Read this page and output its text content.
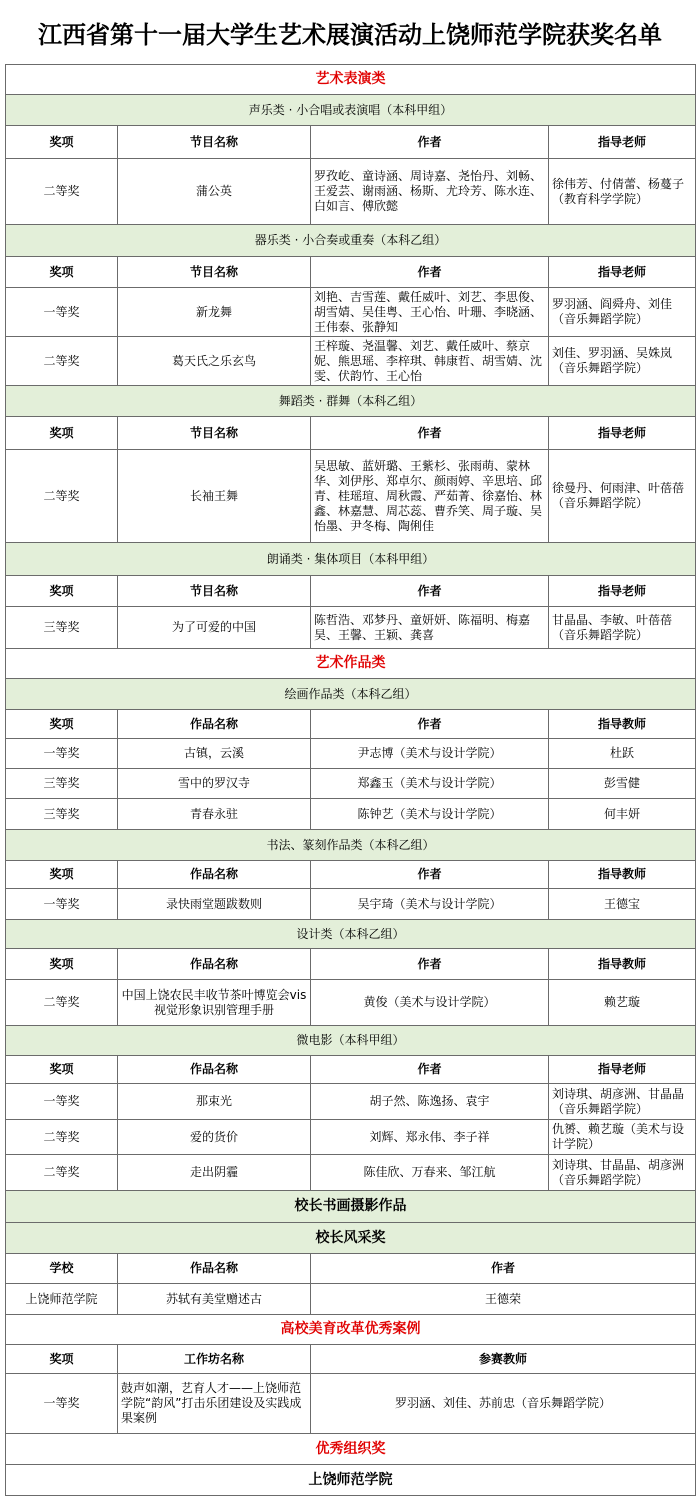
江西省第十一届大学生艺术展演活动上饶师范学院获奖名单
艺术表演类			
声乐类 · 小合唱或表演唱（本科甲组）			
奖项	节目名称	作者	指导老师
二等奖	蒲公英	罗孜屹、童诗涵、周诗嘉、尧怡丹、刘畅、王爱芸、谢雨涵、杨斯、尤玲芳、陈水连、白如言、傅欣懿	徐伟芳、付倩蕾、杨蔓子（教育科学学院）
器乐类 · 小合奏或重奏（本科乙组）			
奖项	节目名称	作者	指导老师
一等奖	新龙舞	刘艳、吉雪莲、戴任威叶、刘艺、李思俊、胡雪婧、吴佳粤、王心怡、叶珊、李晓涵、王伟泰、张静知	罗羽涵、阎舜舟、刘佳（音乐舞蹈学院）
二等奖	葛天氏之乐玄鸟	王梓璇、尧温馨、刘艺、戴任威叶、蔡京妮、熊思瑶、李梓琪、韩康哲、胡雪婧、沈雯、伏韵竹、王心怡	刘佳、罗羽涵、吴姝岚（音乐舞蹈学院）
舞蹈类 · 群舞（本科乙组）			
奖项	节目名称	作者	指导老师
二等奖	长袖王舞	吴思敏、蓝妍璐、王紫杉、张雨萌、蒙林华、刘伊彤、郑卓尔、颜雨婷、辛思培、邱青、桂瑶瑄、周秋霞、严茹菁、徐嘉怡、林鑫、林嘉慧、周芯蕊、曹乔笑、周子璇、吴怡墨、尹冬梅、陶俐佳	徐曼丹、何雨津、叶蓓蓓（音乐舞蹈学院）
朗诵类 · 集体项目（本科甲组）			
奖项	节目名称	作者	指导老师
三等奖	为了可爱的中国	陈哲浩、邓梦丹、童妍妍、陈福明、梅嘉昊、王馨、王颖、龚喜	甘晶晶、李敏、叶蓓蓓（音乐舞蹈学院）
艺术作品类			
绘画作品类（本科乙组）			
奖项	作品名称	作者	指导教师
一等奖	古镇，云溪	尹志博（美术与设计学院）	杜跃
三等奖	雪中的罗汉寺	郑鑫玉（美术与设计学院）	彭雪健
三等奖	青春永驻	陈钟艺（美术与设计学院）	何丰妍
书法、篆刻作品类（本科乙组）			
奖项	作品名称	作者	指导教师
一等奖	录快雨堂题跋数则	吴宇琦（美术与设计学院）	王德宝
设计类（本科乙组）			
奖项	作品名称	作者	指导教师
二等奖	中国上饶农民丰收节茶叶博览会vis视觉形象识别管理手册	黄俊（美术与设计学院）	赖艺璇
微电影（本科甲组）			
奖项	作品名称	作者	指导老师
一等奖	那束光	胡子然、陈逸扬、袁宇	刘诗琪、胡彦洲、甘晶晶（音乐舞蹈学院）
二等奖	爱的货价	刘辉、郑永伟、李子祥	仇赟、赖艺璇（美术与设计学院）
二等奖	走出阴霾	陈佳欣、万春来、邹江航	刘诗琪、甘晶晶、胡彦洲（音乐舞蹈学院）
校长书画摄影作品			
校长风采奖			
学校	作品名称	作者	
上饶师范学院	苏轼有美堂赠述古	王德荣	
高校美育改革优秀案例			
奖项	工作坊名称	参赛教师	
一等奖	鼓声如潮，艺育人才——上饶师范学院“韵风”打击乐团建设及实践成果案例	罗羽涵、刘佳、苏前忠（音乐舞蹈学院）	
优秀组织奖			
上饶师范学院			
